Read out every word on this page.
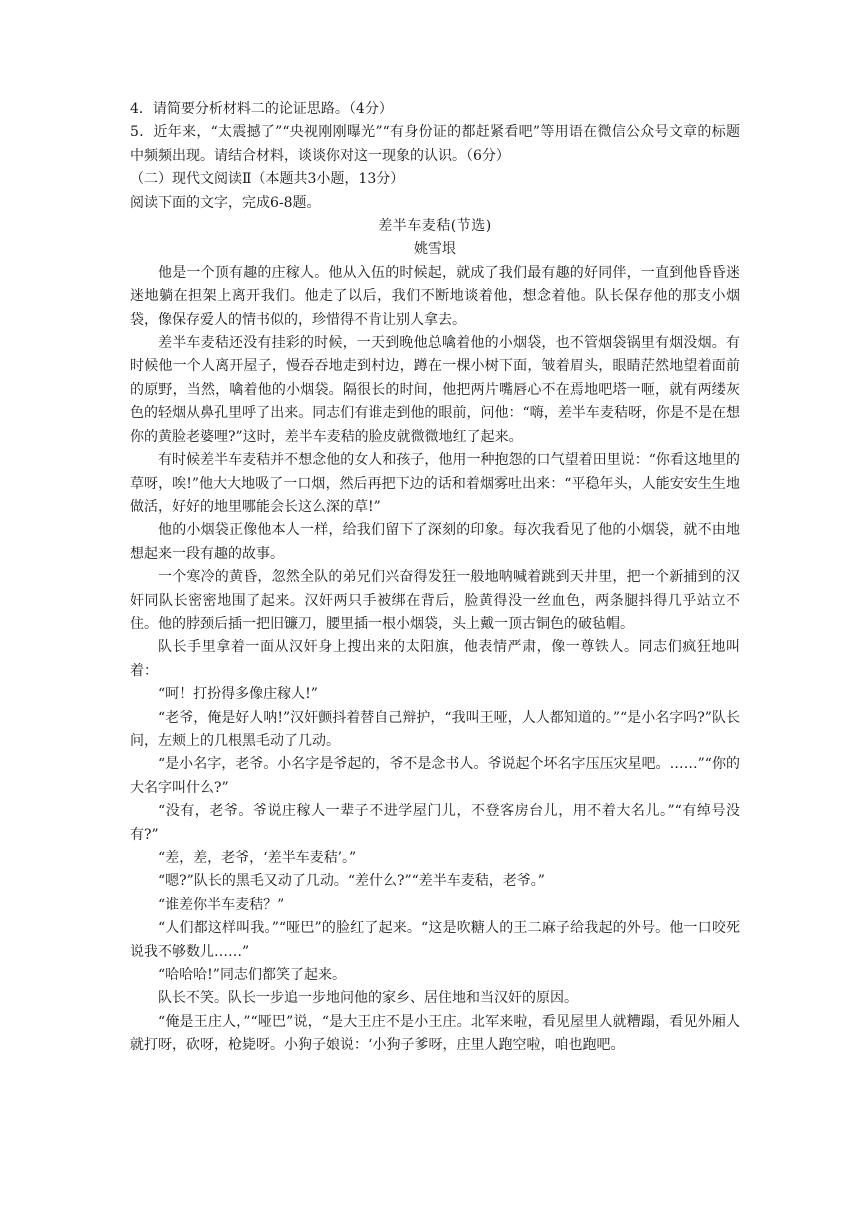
4．请简要分析材料二的论证思路。（4分）

5．近年来，“太震撼了”“央视刚刚曝光”“有身份证的都赶紧看吧”等用语在微信公众号文章的标题中频频出现。请结合材料，谈谈你对这一现象的认识。（6分）

（二）现代文阅读Ⅱ（本题共3小题，13分）

阅读下面的文字，完成6-8题。

差半车麦秸(节选)

姚雪垠

他是一个顶有趣的庄稼人。他从入伍的时候起，就成了我们最有趣的好同伴，一直到他昏昏迷迷地躺在担架上离开我们。他走了以后，我们不断地谈着他，想念着他。队长保存他的那支小烟袋，像保存爱人的情书似的，珍惜得不肯让别人拿去。

差半车麦秸还没有挂彩的时候，一天到晚他总噙着他的小烟袋，也不管烟袋锅里有烟没烟。有时候他一个人离开屋子，慢吞吞地走到村边，蹲在一棵小树下面，皱着眉头，眼睛茫然地望着面前的原野，当然，噙着他的小烟袋。隔很长的时间，他把两片嘴唇心不在焉地吧塔一咂，就有两缕灰色的轻烟从鼻孔里呼了出来。同志们有谁走到他的眼前，问他：“嗨，差半车麦秸呀，你是不是在想你的黄脸老婆哩?”这时，差半车麦秸的脸皮就微微地红了起来。

有时候差半车麦秸并不想念他的女人和孩子，他用一种抱怨的口气望着田里说：“你看这地里的草呀，唉!”他大大地吸了一口烟，然后再把下边的话和着烟雾吐出来：“平稳年头，人能安安生生地做活，好好的地里哪能会长这么深的草!”

他的小烟袋正像他本人一样，给我们留下了深刻的印象。每次我看见了他的小烟袋，就不由地想起来一段有趣的故事。

一个寒冷的黄昏，忽然全队的弟兄们兴奋得发狂一般地呐喊着跳到天井里，把一个新捕到的汉奸同队长密密地围了起来。汉奸两只手被绑在背后，脸黄得没一丝血色，两条腿抖得几乎站立不住。他的脖颈后插一把旧镰刀，腰里插一根小烟袋，头上戴一顶古铜色的破毡帽。

队长手里拿着一面从汉奸身上搜出来的太阳旗，他表情严肃，像一尊铁人。同志们疯狂地叫着：

“呵！打扮得多像庄稼人!”

“老爷，俺是好人呐!”汉奸颤抖着替自己辩护，“我叫王哑，人人都知道的。”“是小名字吗?”队长问，左颊上的几根黑毛动了几动。

“是小名字，老爷。小名字是爷起的，爷不是念书人。爷说起个坏名字压压灾星吧。……”“你的大名字叫什么?”

“没有，老爷。爷说庄稼人一辈子不进学屋门儿，不登客房台儿，用不着大名儿。”“有绰号没有?”

“差，差，老爷，‘差半车麦秸’。”

“嗯?”队长的黑毛又动了几动。“差什么?”“差半车麦秸，老爷。”

“谁差你半车麦秸？”

“人们都这样叫我。”“哑巴”的脸红了起来。“这是吹糖人的王二麻子给我起的外号。他一口咬死说我不够数儿……”

“哈哈哈!”同志们都笑了起来。

队长不笑。队长一步追一步地问他的家乡、居住地和当汉奸的原因。

“俺是王庄人，”“哑巴”说，“是大王庄不是小王庄。北军来啦，看见屋里人就糟蹋，看见外厢人就打呀，砍呀，枪毙呀。小狗子娘说：‘小狗子爹呀，庄里人跑空啦，咱也跑吧。
